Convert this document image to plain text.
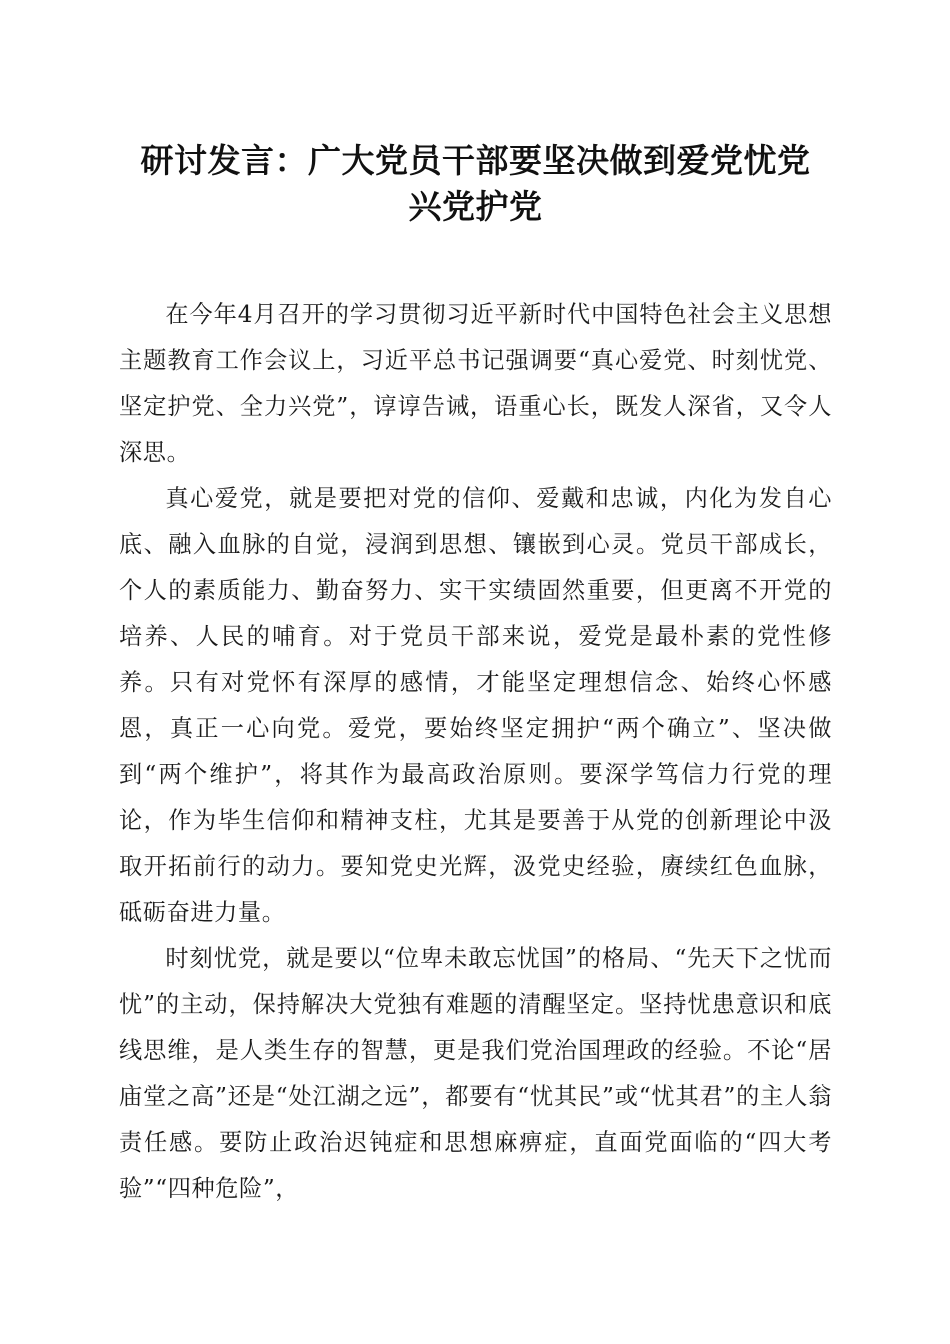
研讨发言：广大党员干部要坚决做到爱党忧党
兴党护党

在今年4月召开的学习贯彻习近平新时代中国特色社会主义思想主题教育工作会议上，习近平总书记强调要“真心爱党、时刻忧党、坚定护党、全力兴党”，谆谆告诫，语重心长，既发人深省，又令人深思。

真心爱党，就是要把对党的信仰、爱戴和忠诚，内化为发自心底、融入血脉的自觉，浸润到思想、镶嵌到心灵。党员干部成长，个人的素质能力、勤奋努力、实干实绩固然重要，但更离不开党的培养、人民的哺育。对于党员干部来说，爱党是最朴素的党性修养。只有对党怀有深厚的感情，才能坚定理想信念、始终心怀感恩，真正一心向党。爱党，要始终坚定拥护“两个确立”、坚决做到“两个维护”，将其作为最高政治原则。要深学笃信力行党的理论，作为毕生信仰和精神支柱，尤其是要善于从党的创新理论中汲取开拓前行的动力。要知党史光辉，汲党史经验，赓续红色血脉，砥砺奋进力量。

时刻忧党，就是要以“位卑未敢忘忧国”的格局、“先天下之忧而忧”的主动，保持解决大党独有难题的清醒坚定。坚持忧患意识和底线思维，是人类生存的智慧，更是我们党治国理政的经验。不论“居庙堂之高”还是“处江湖之远”，都要有“忧其民”或“忧其君”的主人翁责任感。要防止政治迟钝症和思想麻痹症，直面党面临的“四大考验”“四种危险”，
